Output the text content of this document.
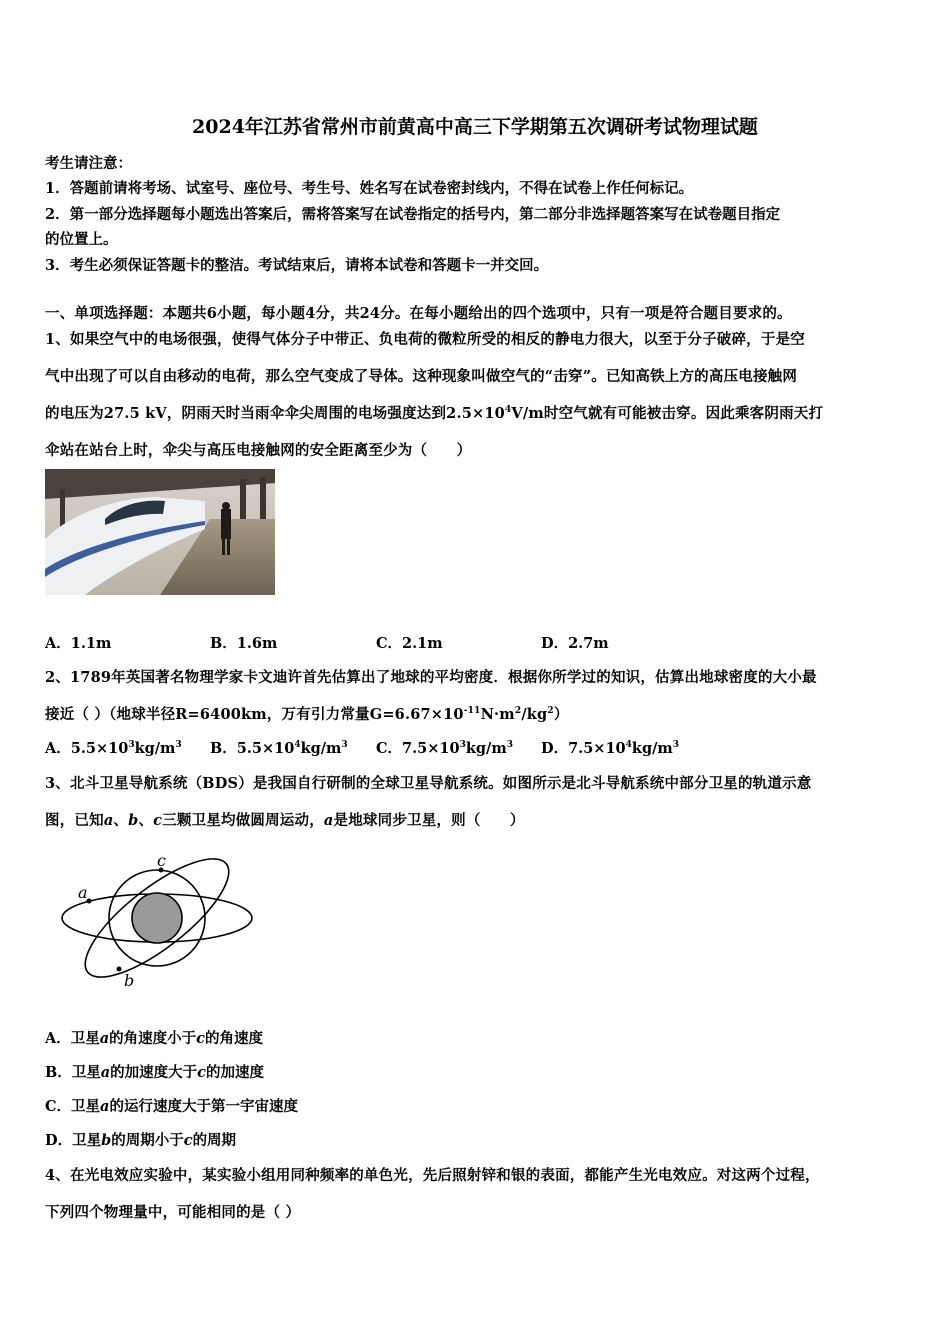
2024年江苏省常州市前黄高中高三下学期第五次调研考试物理试题
考生请注意：
1．答题前请将考场、试室号、座位号、考生号、姓名写在试卷密封线内，不得在试卷上作任何标记。
2．第一部分选择题每小题选出答案后，需将答案写在试卷指定的括号内，第二部分非选择题答案写在试卷题目指定
的位置上。
3．考生必须保证答题卡的整洁。考试结束后，请将本试卷和答题卡一并交回。
一、单项选择题：本题共6小题，每小题4分，共24分。在每小题给出的四个选项中，只有一项是符合题目要求的。
1、如果空气中的电场很强，使得气体分子中带正、负电荷的微粒所受的相反的静电力很大，以至于分子破碎，于是空
气中出现了可以自由移动的电荷，那么空气变成了导体。这种现象叫做空气的“击穿”。已知高铁上方的高压电接触网
的电压为27.5 kV，阴雨天时当雨伞伞尖周围的电场强度达到$2.5\times 10^4V/m$时空气就有可能被击穿。因此乘客阴雨天打
伞站在站台上时，伞尖与高压电接触网的安全距离至少为（　　）
A．1.1m	B．1.6m	C．2.1m	D．2.7m
2、1789年英国著名物理学家卡文迪许首先估算出了地球的平均密度．根据你所学过的知识，估算出地球密度的大小最
接近（ ）（地球半径R=6400km，万有引力常量$G=6.67\times 10^{-11}N\cdot m^2/kg^2$）
A．$5.5\times 10^3kg/m^3$ B．$5.5\times 10^4kg/m^3$ C．$7.5\times 10^3kg/m^3$ D．$7.5\times 10^4kg/m^3$
3、北斗卫星导航系统（BDS）是我国自行研制的全球卫星导航系统。如图所示是北斗导航系统中部分卫星的轨道示意
图，已知a、b、c三颗卫星均做圆周运动，a是地球同步卫星，则（　　）
a
c
b
A．卫星a的角速度小于c的角速度
B．卫星a的加速度大于c的加速度
C．卫星a的运行速度大于第一宇宙速度
D．卫星b的周期小于c的周期
4、在光电效应实验中，某实验小组用同种频率的单色光，先后照射锌和银的表面，都能产生光电效应。对这两个过程，
下列四个物理量中，可能相同的是（ ）
